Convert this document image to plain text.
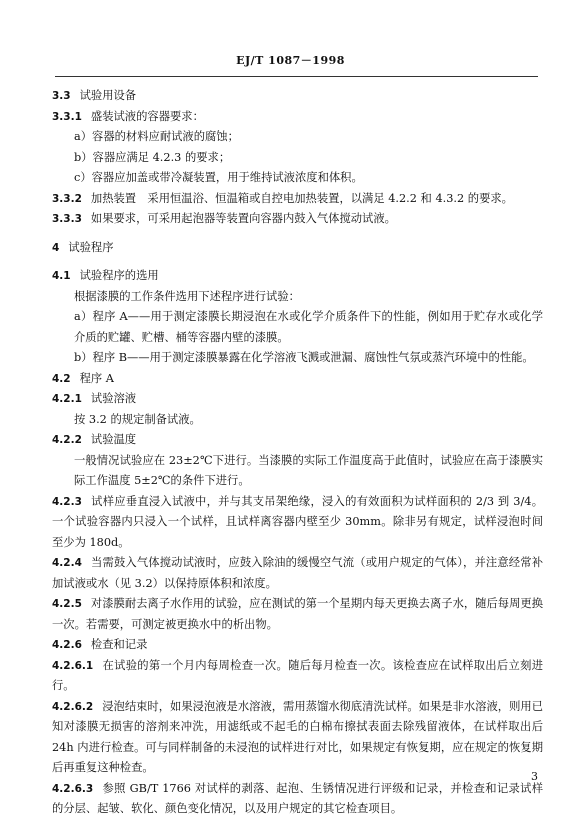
EJ/T 1087－1998
3.3 试验用设备
3.3.1 盛装试液的容器要求：
a）容器的材料应耐试液的腐蚀；
b）容器应满足 4.2.3 的要求；
c）容器应加盖或带冷凝装置，用于维持试液浓度和体积。
3.3.2 加热装置　采用恒温浴、恒温箱或自控电加热装置，以满足 4.2.2 和 4.3.2 的要求。
3.3.3 如果要求，可采用起泡器等装置向容器内鼓入气体搅动试液。
4 试验程序
4.1 试验程序的选用
根据漆膜的工作条件选用下述程序进行试验：
a）程序 A——用于测定漆膜长期浸泡在水或化学介质条件下的性能，例如用于贮存水或化学介质的贮罐、贮槽、桶等容器内壁的漆膜。
b）程序 B——用于测定漆膜暴露在化学溶液飞溅或泄漏、腐蚀性气氛或蒸汽环境中的性能。
4.2 程序 A
4.2.1 试验溶液
按 3.2 的规定制备试液。
4.2.2 试验温度
一般情况试验应在 23±2℃下进行。当漆膜的实际工作温度高于此值时，试验应在高于漆膜实际工作温度 5±2℃的条件下进行。
4.2.3 试样应垂直浸入试液中，并与其支吊架绝缘，浸入的有效面积为试样面积的 2/3 到 3/4。一个试验容器内只浸入一个试样，且试样离容器内壁至少 30mm。除非另有规定，试样浸泡时间至少为 180d。
4.2.4 当需鼓入气体搅动试液时，应鼓入除油的缓慢空气流（或用户规定的气体），并注意经常补加试液或水（见 3.2）以保持原体积和浓度。
4.2.5 对漆膜耐去离子水作用的试验，应在测试的第一个星期内每天更换去离子水，随后每周更换一次。若需要，可测定被更换水中的析出物。
4.2.6 检查和记录
4.2.6.1 在试验的第一个月内每周检查一次。随后每月检查一次。该检查应在试样取出后立刻进行。
4.2.6.2 浸泡结束时，如果浸泡液是水溶液，需用蒸馏水彻底清洗试样。如果是非水溶液，则用已知对漆膜无损害的溶剂来冲洗，用滤纸或不起毛的白棉布擦拭表面去除残留液体，在试样取出后 24h 内进行检查。可与同样制备的未浸泡的试样进行对比，如果规定有恢复期，应在规定的恢复期后再重复这种检查。
4.2.6.3 参照 GB/T 1766 对试样的剥落、起泡、生锈情况进行评级和记录，并检查和记录试样的分层、起皱、软化、颜色变化情况，以及用户规定的其它检查项目。
3
